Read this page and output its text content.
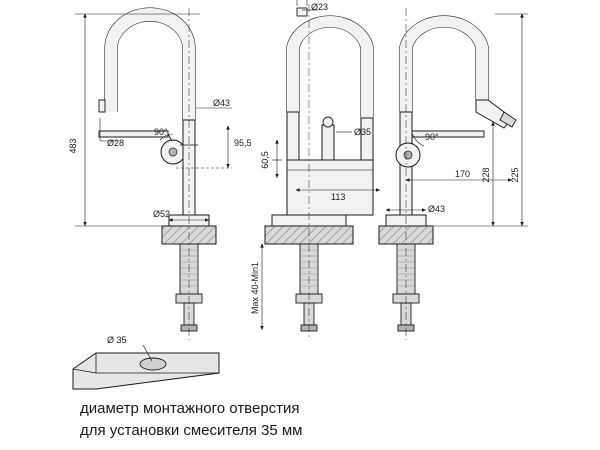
483
Ø43
Ø28
90°
95,5
Ø52
Ø23
Ø35
60,5
113
Max 40-Min1
90°
170 228 225
Ø43
Ø 35
диаметр монтажного отверстия
для установки смесителя 35 мм
